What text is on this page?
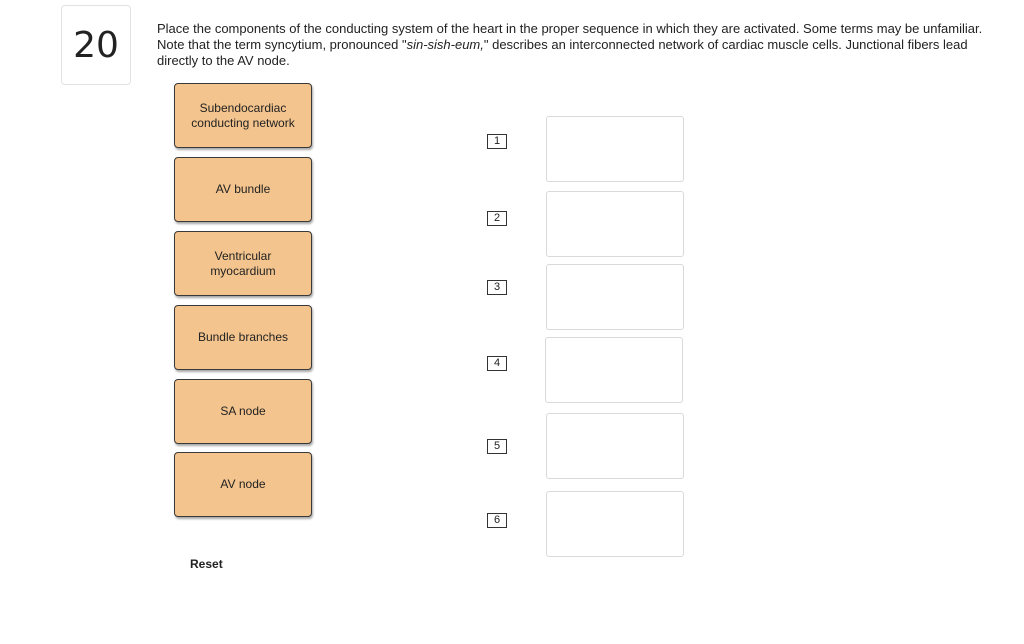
20	Place the components of the conducting system of the heart in the proper sequence in which they are activated. Some terms may be unfamiliar. Note that the term syncytium, pronounced "sin-sish-eum," describes an interconnected network of cardiac muscle cells. Junctional fibers lead directly to the AV node.
Subendocardiac conducting network
AV bundle
Ventricular myocardium
Bundle branches
SA node
AV node
1
2
3
4
5
6
Reset
